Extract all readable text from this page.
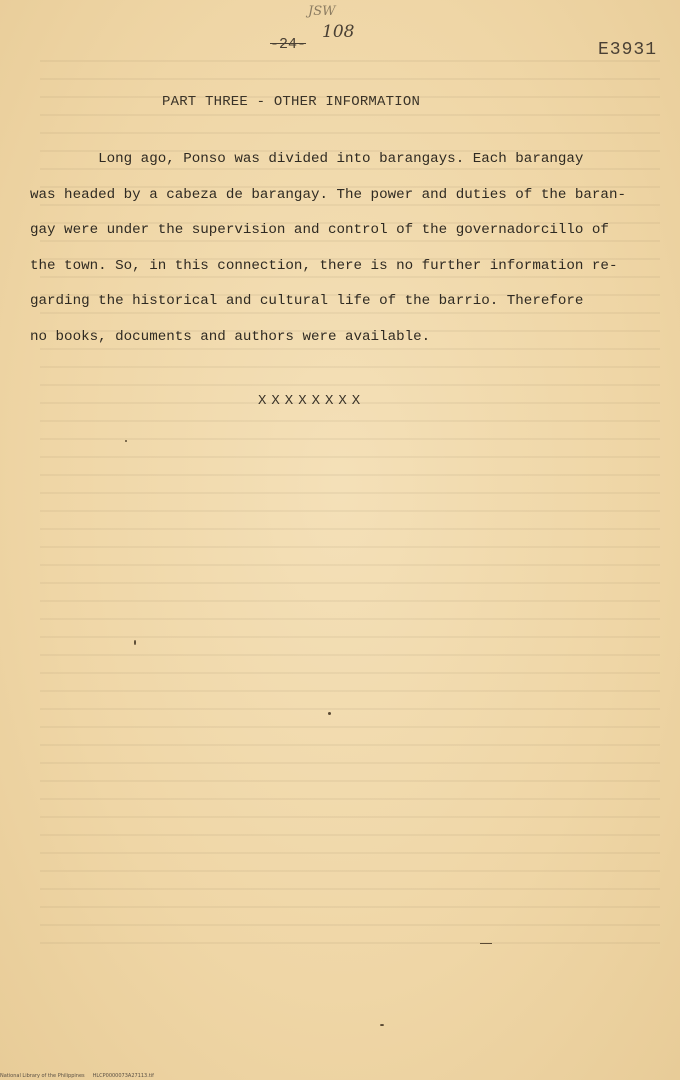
JSW
-24-
108
E3931
PART THREE - OTHER INFORMATION
Long ago, Ponso was divided into barangays. Each barangay
was headed by a cabeza de barangay. The power and duties of the baran-
gay were under the supervision and control of the governadorcillo of
the town. So, in this connection, there is no further information re-
garding the historical and cultural life of the barrio. Therefore
no books, documents and authors were available.
XXXXXXXX
National Library of the Philippines     HLCP0000073A27113.tif
